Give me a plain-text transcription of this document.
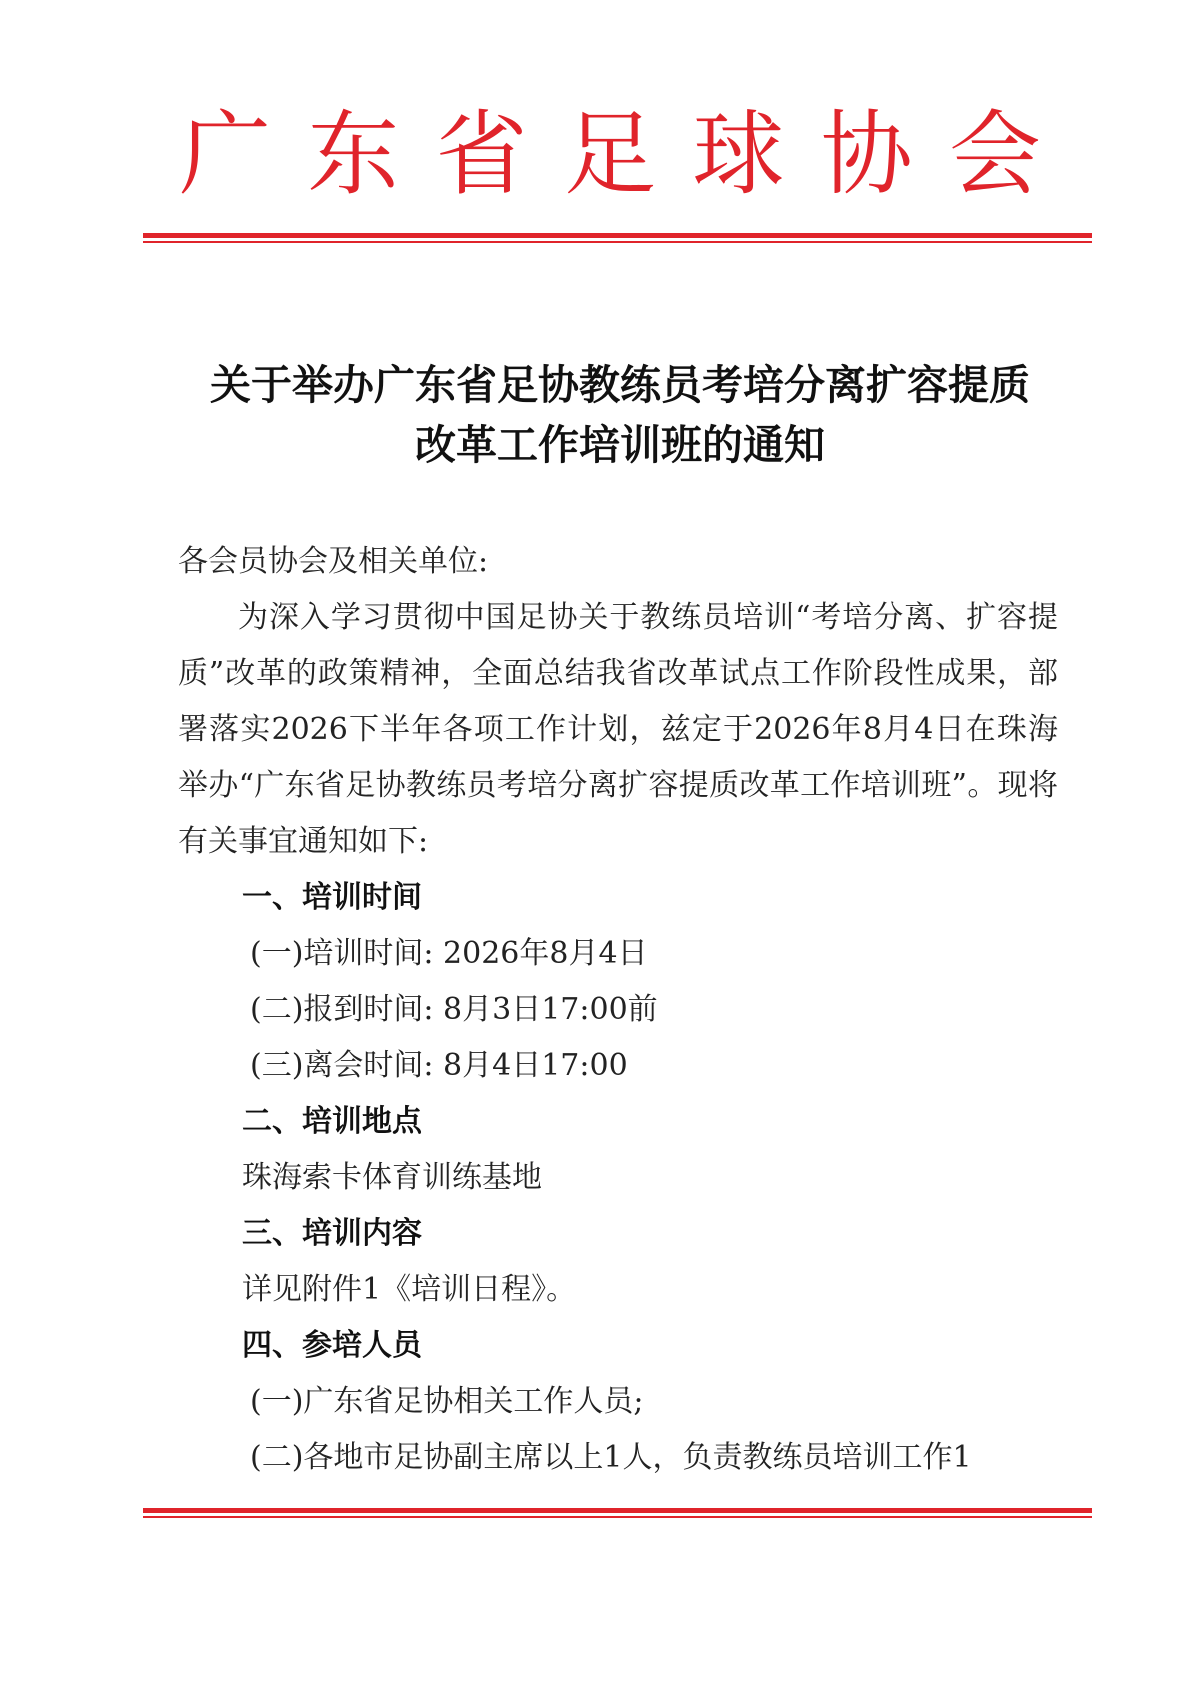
广 东 省 足 球 协 会
关于举办广东省足协教练员考培分离扩容提质
改革工作培训班的通知
各会员协会及相关单位:
为深入学习贯彻中国足协关于教练员培训“考培分离、扩容提质”改革的政策精神，全面总结我省改革试点工作阶段性成果，部署落实2026下半年各项工作计划，兹定于2026年8月4日在珠海举办“广东省足协教练员考培分离扩容提质改革工作培训班”。现将有关事宜通知如下:
一、培训时间
(一)培训时间: 2026年8月4日
(二)报到时间: 8月3日17:00前
(三)离会时间: 8月4日17:00
二、培训地点
珠海索卡体育训练基地
三、培训内容
详见附件1《培训日程》。
四、参培人员
(一)广东省足协相关工作人员;
(二)各地市足协副主席以上1人，负责教练员培训工作1
